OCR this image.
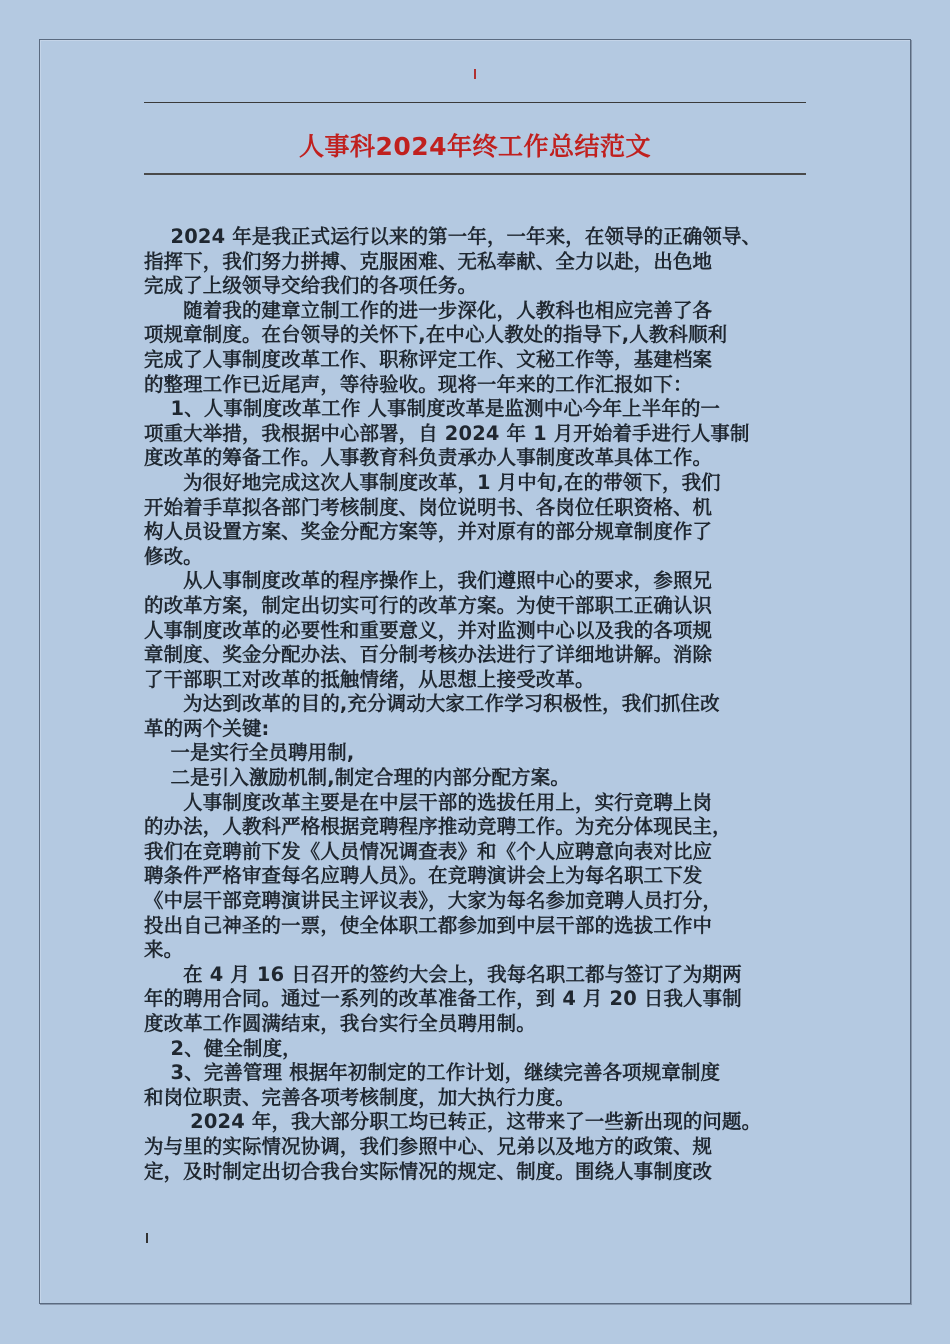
人事科2024年终工作总结范文

　 2024 年是我正式运行以来的第一年，一年来，在领导的正确领导、

指挥下，我们努力拼搏、克服困难、无私奉献、全力以赴，出色地

完成了上级领导交给我们的各项任务。

　　随着我的建章立制工作的进一步深化，人教科也相应完善了各

项规章制度。在台领导的关怀下,在中心人教处的指导下,人教科顺利

完成了人事制度改革工作、职称评定工作、文秘工作等，基建档案

的整理工作已近尾声，等待验收。现将一年来的工作汇报如下：

　 1、人事制度改革工作 人事制度改革是监测中心今年上半年的一

项重大举措，我根据中心部署，自 2024 年 1 月开始着手进行人事制

度改革的筹备工作。人事教育科负责承办人事制度改革具体工作。

　　为很好地完成这次人事制度改革，1 月中旬,在的带领下，我们

开始着手草拟各部门考核制度、岗位说明书、各岗位任职资格、机

构人员设置方案、奖金分配方案等，并对原有的部分规章制度作了

修改。

　　从人事制度改革的程序操作上，我们遵照中心的要求，参照兄

的改革方案，制定出切实可行的改革方案。为使干部职工正确认识

人事制度改革的必要性和重要意义，并对监测中心以及我的各项规

章制度、奖金分配办法、百分制考核办法进行了详细地讲解。消除

了干部职工对改革的抵触情绪，从思想上接受改革。

　　为达到改革的目的,充分调动大家工作学习积极性，我们抓住改

革的两个关键:

　 一是实行全员聘用制,

　 二是引入激励机制,制定合理的内部分配方案。

　　人事制度改革主要是在中层干部的选拔任用上，实行竞聘上岗

的办法，人教科严格根据竞聘程序推动竞聘工作。为充分体现民主，

我们在竞聘前下发《人员情况调查表》和《个人应聘意向表对比应

聘条件严格审查每名应聘人员》。在竞聘演讲会上为每名职工下发

《中层干部竞聘演讲民主评议表》，大家为每名参加竞聘人员打分，

投出自己神圣的一票，使全体职工都参加到中层干部的选拔工作中

来。

　　在 4 月 16 日召开的签约大会上，我每名职工都与签订了为期两

年的聘用合同。通过一系列的改革准备工作，到 4 月 20 日我人事制

度改革工作圆满结束，我台实行全员聘用制。

　 2、健全制度，

　 3、完善管理 根据年初制定的工作计划，继续完善各项规章制度

和岗位职责、完善各项考核制度，加大执行力度。

　　 2024 年，我大部分职工均已转正，这带来了一些新出现的问题。

为与里的实际情况协调，我们参照中心、兄弟以及地方的政策、规

定，及时制定出切合我台实际情况的规定、制度。围绕人事制度改
